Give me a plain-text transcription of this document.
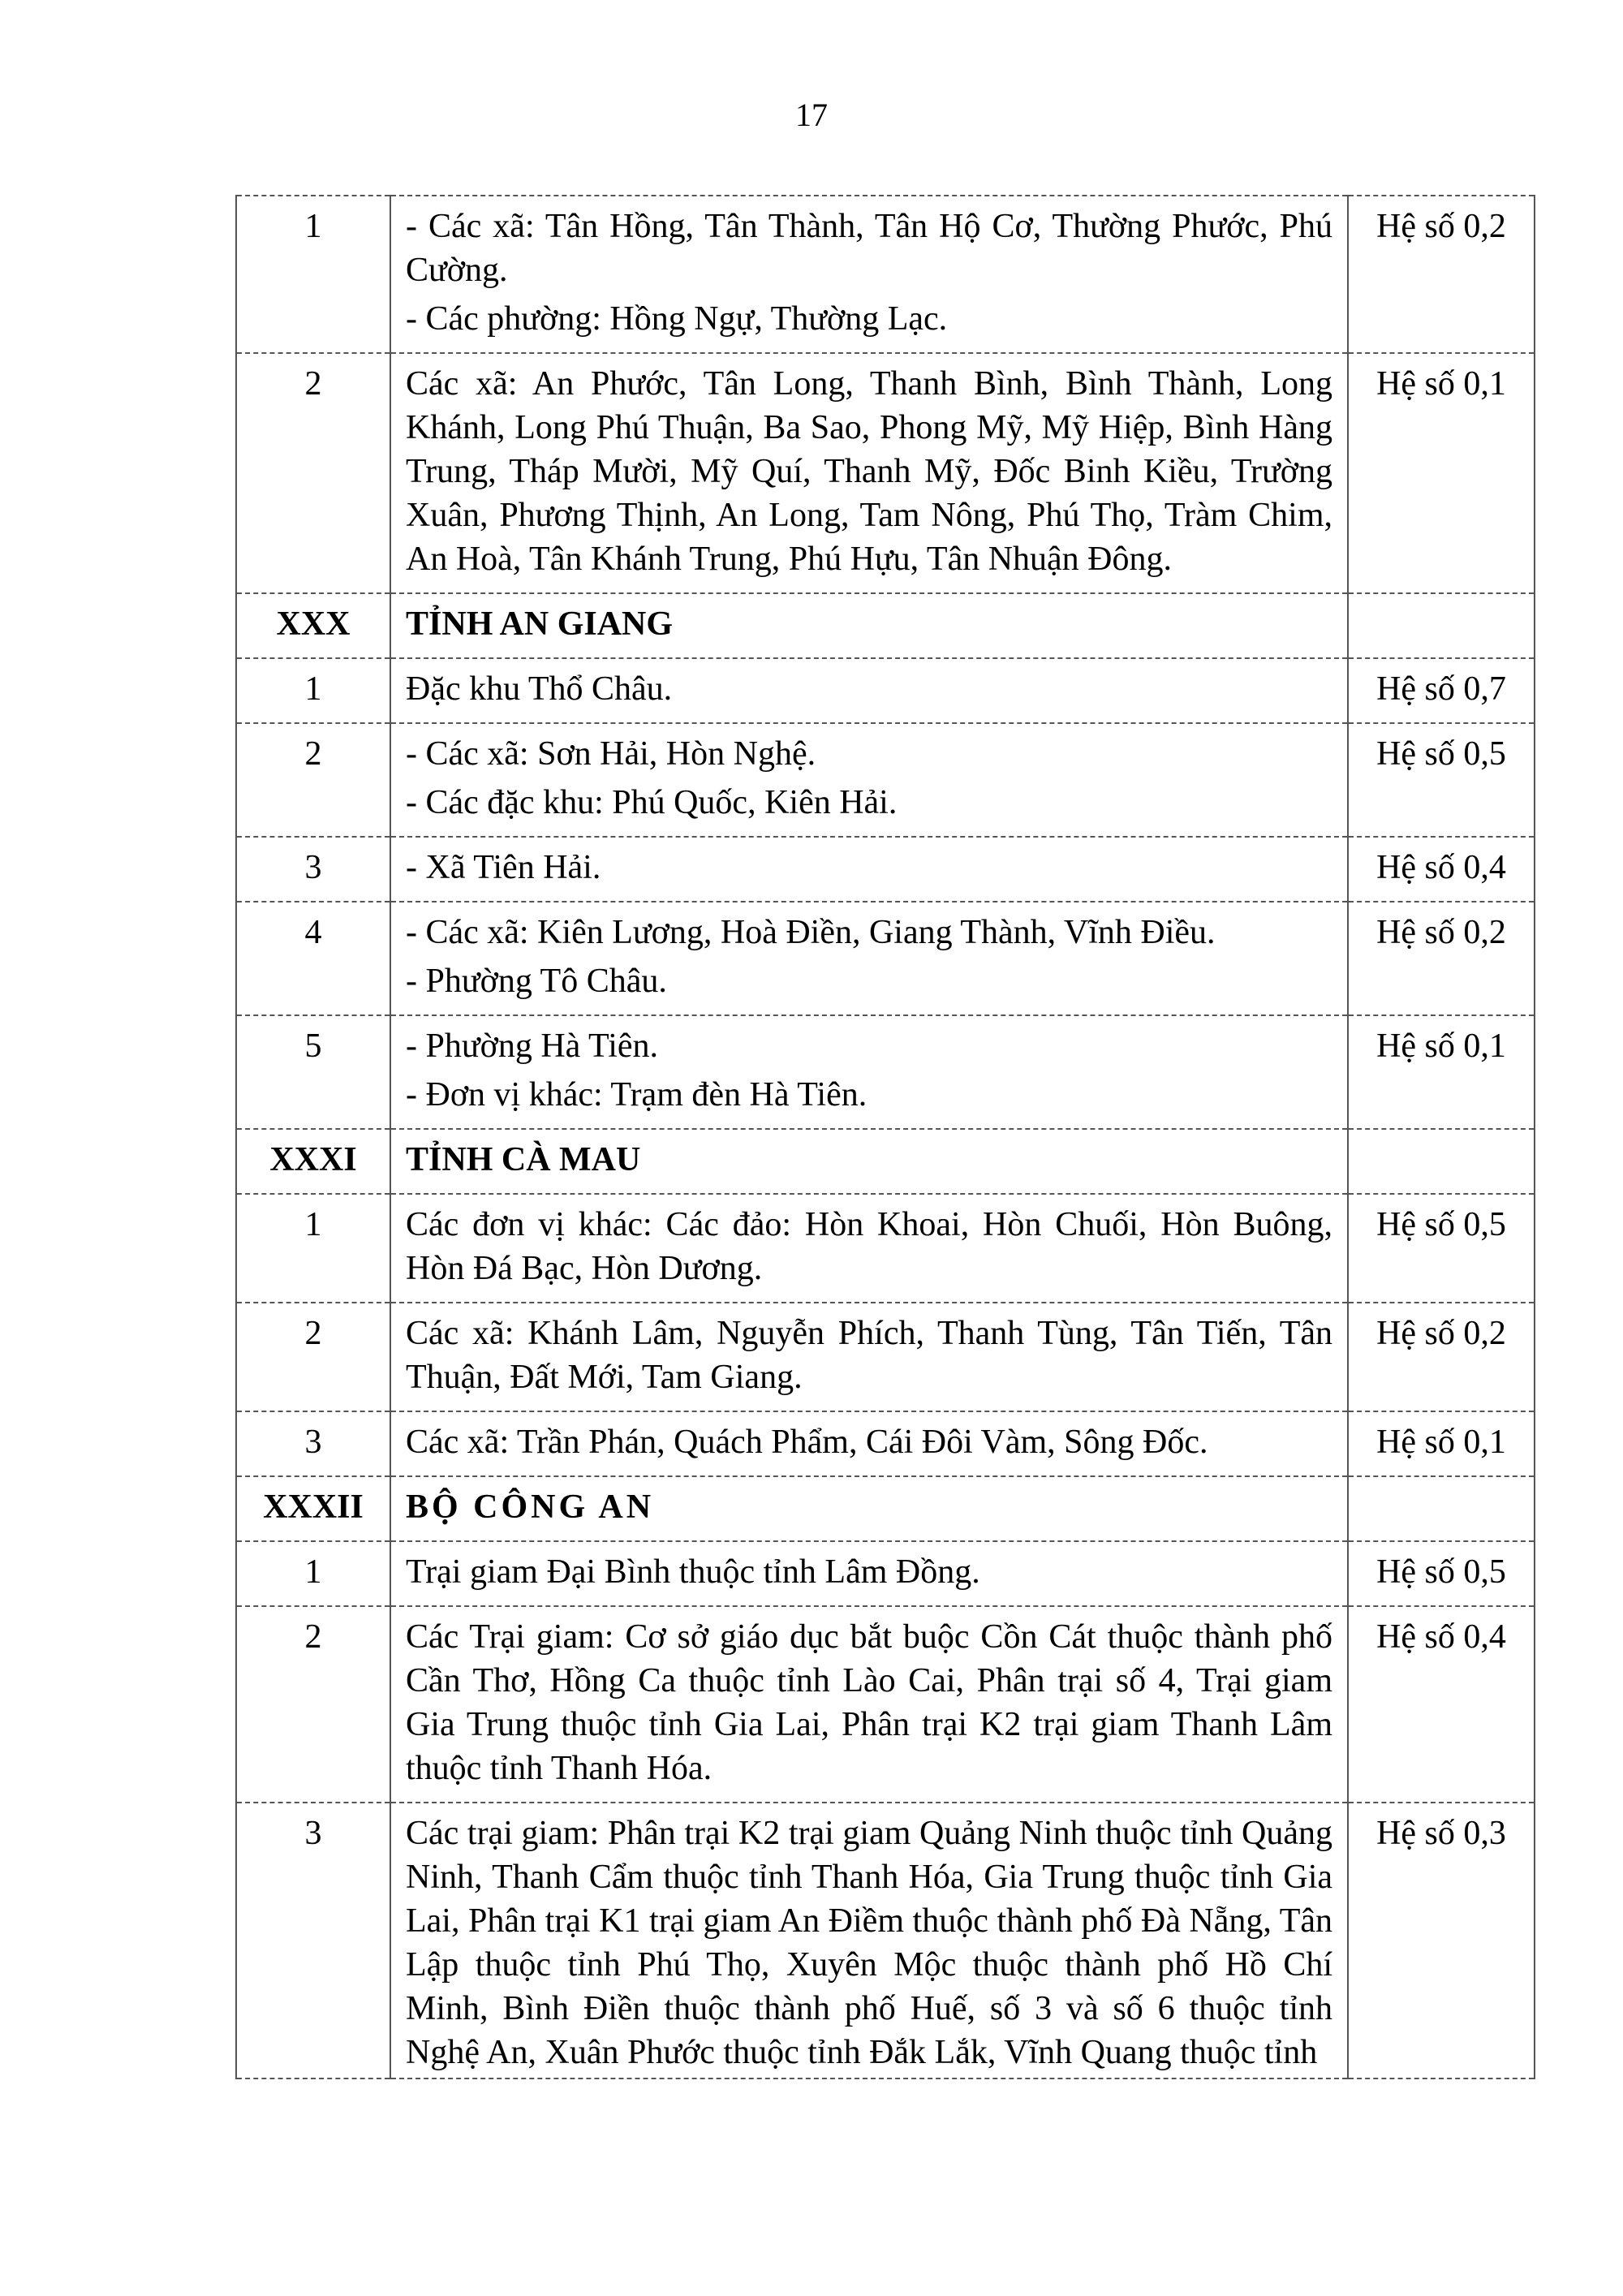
17
1	- Các xã: Tân Hồng, Tân Thành, Tân Hộ Cơ, Thường Phước, Phú Cường.
- Các phường: Hồng Ngự, Thường Lạc.	Hệ số 0,2
2	Các xã: An Phước, Tân Long, Thanh Bình, Bình Thành, Long Khánh, Long Phú Thuận, Ba Sao, Phong Mỹ, Mỹ Hiệp, Bình Hàng Trung, Tháp Mười, Mỹ Quí, Thanh Mỹ, Đốc Binh Kiều, Trường Xuân, Phương Thịnh, An Long, Tam Nông, Phú Thọ, Tràm Chim, An Hoà, Tân Khánh Trung, Phú Hựu, Tân Nhuận Đông.	Hệ số 0,1
XXX	TỈNH AN GIANG	
1	Đặc khu Thổ Châu.	Hệ số 0,7
2	- Các xã: Sơn Hải, Hòn Nghệ.
- Các đặc khu: Phú Quốc, Kiên Hải.	Hệ số 0,5
3	- Xã Tiên Hải.	Hệ số 0,4
4	- Các xã: Kiên Lương, Hoà Điền, Giang Thành, Vĩnh Điều.
- Phường Tô Châu.	Hệ số 0,2
5	- Phường Hà Tiên.
- Đơn vị khác: Trạm đèn Hà Tiên.	Hệ số 0,1
XXXI	TỈNH CÀ MAU	
1	Các đơn vị khác: Các đảo: Hòn Khoai, Hòn Chuối, Hòn Buông, Hòn Đá Bạc, Hòn Dương.	Hệ số 0,5
2	Các xã: Khánh Lâm, Nguyễn Phích, Thanh Tùng, Tân Tiến, Tân Thuận, Đất Mới, Tam Giang.	Hệ số 0,2
3	Các xã: Trần Phán, Quách Phẩm, Cái Đôi Vàm, Sông Đốc.	Hệ số 0,1
XXXII	BỘ CÔNG AN	
1	Trại giam Đại Bình thuộc tỉnh Lâm Đồng.	Hệ số 0,5
2	Các Trại giam: Cơ sở giáo dục bắt buộc Cồn Cát thuộc thành phố Cần Thơ, Hồng Ca thuộc tỉnh Lào Cai, Phân trại số 4, Trại giam Gia Trung thuộc tỉnh Gia Lai, Phân trại K2 trại giam Thanh Lâm thuộc tỉnh Thanh Hóa.	Hệ số 0,4
3	Các trại giam: Phân trại K2 trại giam Quảng Ninh thuộc tỉnh Quảng Ninh, Thanh Cẩm thuộc tỉnh Thanh Hóa, Gia Trung thuộc tỉnh Gia Lai, Phân trại K1 trại giam An Điềm thuộc thành phố Đà Nẵng, Tân Lập thuộc tỉnh Phú Thọ, Xuyên Mộc thuộc thành phố Hồ Chí Minh, Bình Điền thuộc thành phố Huế, số 3 và số 6 thuộc tỉnh Nghệ An, Xuân Phước thuộc tỉnh Đắk Lắk, Vĩnh Quang thuộc tỉnh	Hệ số 0,3
